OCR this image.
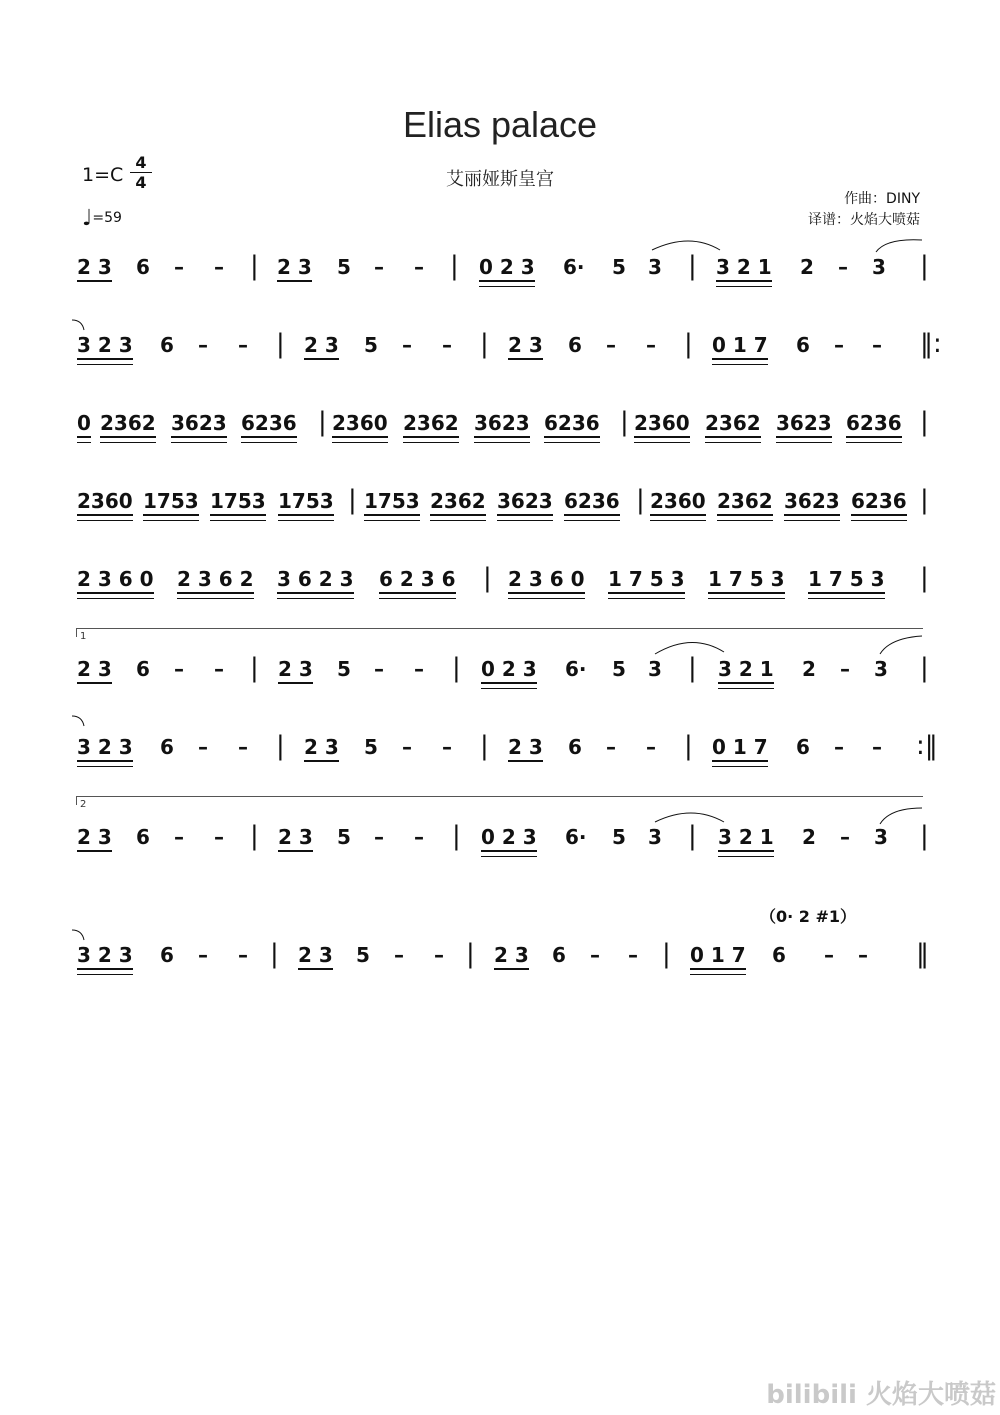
Elias palace
艾丽娅斯皇宫
1=C
4
4
♩=59
作曲：DINY
译谱：火焰大喷菇
1
2
（0· 2 #1）
2 3 6 – – | 2 3 5 – – | 0 2 3 6· 5 3 | 3 2 1 2 – 3 |
3 2 3 6 – – | 2 3 5 – – | 2 3 6 – – | 0 1 7 6 – – ‖:
0 2362 3623 6236 | 2360 2362 3623 6236 | 2360 2362 3623 6236 |
2360 1753 1753 1753 | 1753 2362 3623 6236 | 2360 2362 3623 6236 |
2 3 6 0 2 3 6 2 3 6 2 3 6 2 3 6 | 2 3 6 0 1 7 5 3 1 7 5 3 1 7 5 3 |
2 3 6 – – | 2 3 5 – – | 0 2 3 6· 5 3 | 3 2 1 2 – 3 |
3 2 3 6 – – | 2 3 5 – – | 2 3 6 – – | 0 1 7 6 – – :‖
2 3 6 – – | 2 3 5 – – | 0 2 3 6· 5 3 | 3 2 1 2 – 3 |
3 2 3 6 – – | 2 3 5 – – | 2 3 6 – – | 0 1 7 6 – – ‖
bilibili 火焰大喷菇
